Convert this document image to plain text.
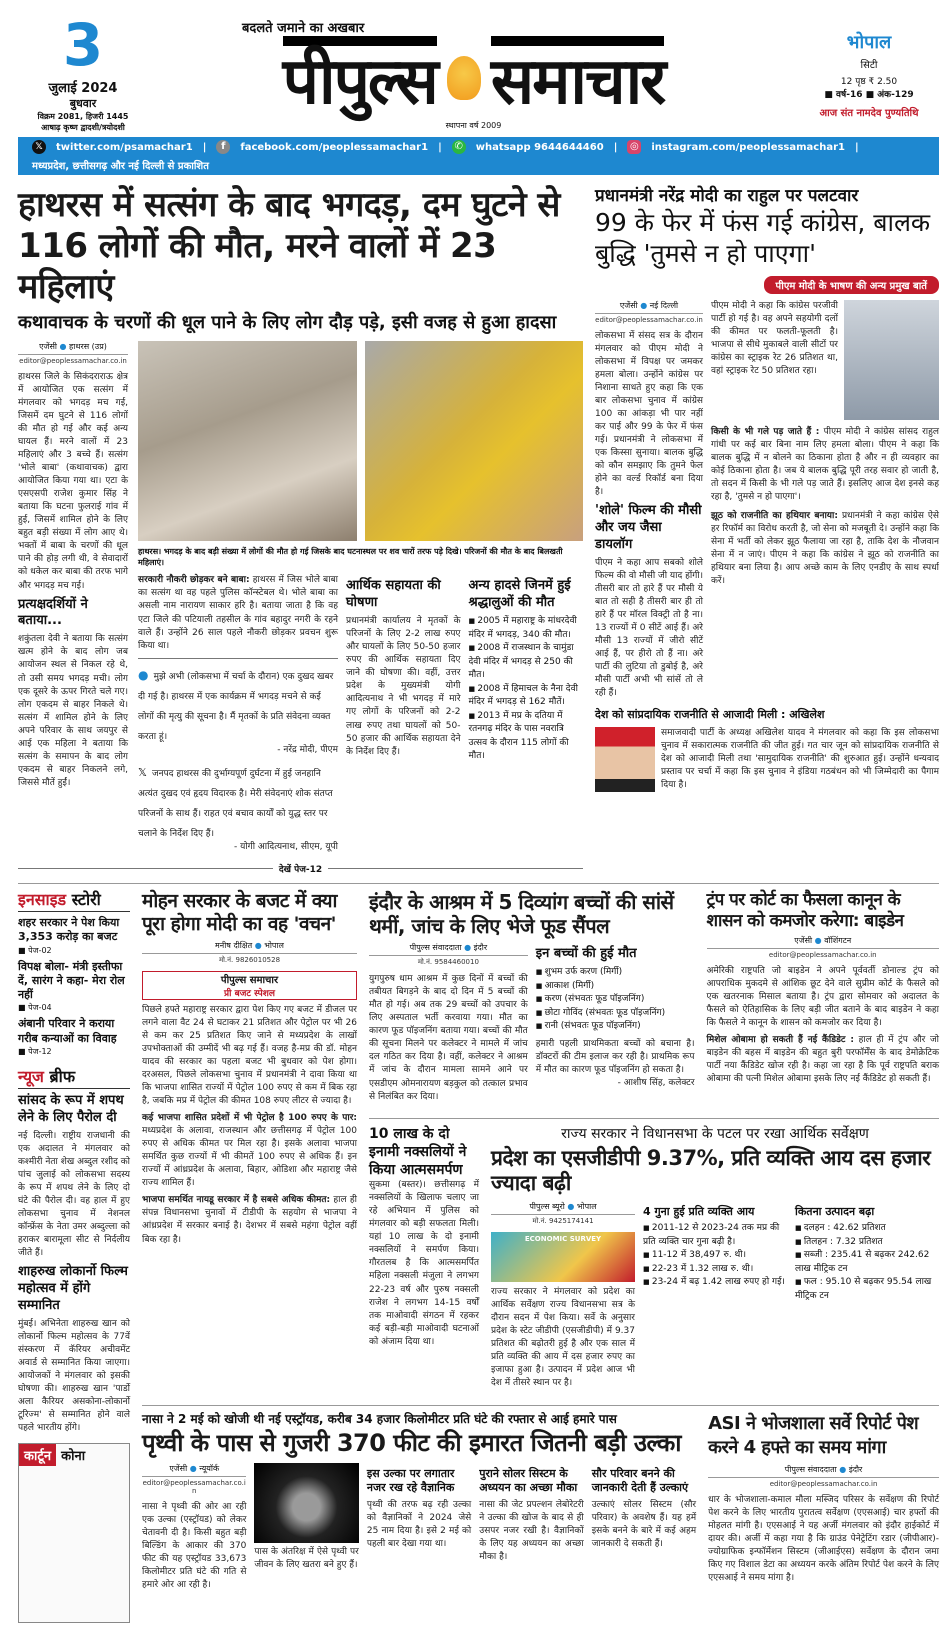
3
जुलाई 2024
बुधवार
विक्रम 2081, हिजरी 1445
आषाढ़ कृष्ण द्वादशी/त्रयोदशी
बदलते जमाने का अखबार
पीपुल्स समाचार
स्थापना वर्ष 2009
भोपाल
सिटी
12 पृष्ठ ₹ 2.50
■ वर्ष-16 ■ अंक-129
आज संत नामदेव पुण्यतिथि
𝕏	twitter.com/psamachar1 |	f	facebook.com/peoplessamachar1 | ✆ whatsapp 9644644460 | ◎ instagram.com/peoplessamachar1 |
मध्यप्रदेश, छत्तीसगढ़ और नई दिल्ली से प्रकाशित
हाथरस में सत्संग के बाद भगदड़, दम घुटने से 116 लोगों की मौत, मरने वालों में 23 महिलाएं
कथावाचक के चरणों की धूल पाने के लिए लोग दौड़ पड़े, इसी वजह से हुआ हादसा
एजेंसी ● हाथरस (उप्र)
editor@peoplessamachar.co.in
हाथरस जिले के सिकंदराराऊ क्षेत्र में आयोजित एक सत्संग में मंगलवार को भगदड़ मच गई, जिसमें दम घुटने से 116 लोगों की मौत हो गई और कई अन्य घायल हैं। मरने वालों में 23 महिलाएं और 3 बच्चे हैं। सत्संग 'भोले बाबा' (कथावाचक) द्वारा आयोजित किया गया था। एटा के एसएसपी राजेश कुमार सिंह ने बताया कि घटना फुलराई गांव में हुई, जिसमें शामिल होने के लिए बहुत बड़ी संख्या में लोग आए थे। भक्तों में बाबा के चरणों की धूल पाने की होड़ लगी थी, वे सेवादारों को धकेल कर बाबा की तरफ भागे और भगदड़ मच गई।
प्रत्यक्षदर्शियों ने बताया...
शकुंतला देवी ने बताया कि सत्संग खत्म होने के बाद लोग जब आयोजन स्थल से निकल रहे थे, तो उसी समय भगदड़ मची। लोग एक दूसरे के ऊपर गिरते चले गए। लोग एकदम से बाहर निकले थे। सत्संग में शामिल होने के लिए अपने परिवार के साथ जयपुर से आई एक महिला ने बताया कि सत्संग के समापन के बाद लोग एकदम से बाहर निकलने लगे, जिससे मौतें हुईं।
हाथरस। भगदड़ के बाद बड़ी संख्या में लोगों की मौत हो गई जिसके बाद घटनास्थल पर शव चारों तरफ पड़े दिखे। परिजनों की मौत के बाद बिलखती महिलाएं।
सरकारी नौकरी छोड़कर बने बाबा: हाथरस में जिस भोले बाबा का सत्संग था वह पहले पुलिस कॉन्स्टेबल थे। भोले बाबा का असली नाम नारायण साकार हरि है। बताया जाता है कि वह एटा जिले की पटियाली तहसील के गांव बहादुर नगरी के रहने वाले हैं। उन्होंने 26 साल पहले नौकरी छोड़कर प्रवचन शुरू किया था।
● मुझे अभी (लोकसभा में चर्चा के दौरान) एक दुखद खबर दी गई है। हाथरस में एक कार्यक्रम में भगदड़ मचने से कई लोगों की मृत्यु की सूचना है। मैं मृतकों के प्रति संवेदना व्यक्त करता हूं।
- नरेंद्र मोदी, पीएम
𝕏 जनपद हाथरस की दुर्भाग्यपूर्ण दुर्घटना में हुई जनहानि अत्यंत दुखद एवं हृदय विदारक है। मेरी संवेदनाएं शोक संतप्त परिजनों के साथ हैं। राहत एवं बचाव कार्यों को युद्ध स्तर पर चलाने के निर्देश दिए हैं।
- योगी आदित्यनाथ, सीएम, यूपी
आर्थिक सहायता की घोषणा
प्रधानमंत्री कार्यालय ने मृतकों के परिजनों के लिए 2-2 लाख रुपए और घायलों के लिए 50-50 हजार रुपए की आर्थिक सहायता दिए जाने की घोषणा की। वहीं, उत्तर प्रदेश के मुख्यमंत्री योगी आदित्यनाथ ने भी भगदड़ में मारे गए लोगों के परिजनों को 2-2 लाख रुपए तथा घायलों को 50-50 हजार की आर्थिक सहायता देने के निर्देश दिए हैं।
अन्य हादसे जिनमें हुई श्रद्धालुओं की मौत
■ 2005 में महाराष्ट्र के मांधरदेवी मंदिर में भगदड़, 340 की मौत।
■ 2008 में राजस्थान के चामुंडा देवी मंदिर में भगदड़ से 250 की मौत।
■ 2008 में हिमाचल के नैना देवी मंदिर में भगदड़ से 162 मौतें।
■ 2013 में मप्र के दतिया में रतनगढ़ मंदिर के पास नवरात्रि उत्सव के दौरान 115 लोगों की मौत।
देखें पेज-12
प्रधानमंत्री नरेंद्र मोदी का राहुल पर पलटवार
99 के फेर में फंस गई कांग्रेस, बालक बुद्धि 'तुमसे न हो पाएगा'
पीएम मोदी के भाषण की अन्य प्रमुख बातें
एजेंसी ● नई दिल्ली
editor@peoplessamachar.co.in
लोकसभा में संसद सत्र के दौरान मंगलवार को पीएम मोदी ने लोकसभा में विपक्ष पर जमकर हमला बोला। उन्होंने कांग्रेस पर निशाना साधते हुए कहा कि एक बार लोकसभा चुनाव में कांग्रेस 100 का आंकड़ा भी पार नहीं कर पाई और 99 के फेर में फंस गई। प्रधानमंत्री ने लोकसभा में एक किस्सा सुनाया। बालक बुद्धि को कौन समझाए कि तुमने फेल होने का वर्ल्ड रिकॉर्ड बना दिया है।
'शोले' फिल्म की मौसी और जय जैसा डायलॉग
पीएम ने कहा आप सबको शोले फिल्म की वो मौसी जी याद होंगी। तीसरी बार तो हारे हैं पर मौसी ये बात तो सही है तीसरी बार ही तो हारे हैं पर मॉरल विक्ट्री तो है ना। 13 राज्यों में 0 सीटें आई हैं। अरे मौसी 13 राज्यों में जीरो सीटें आई हैं, पर हीरो तो हैं ना। अरे पार्टी की लुटिया तो डुबोई है, अरे मौसी पार्टी अभी भी सांसें तो ले रही हैं।
पीएम मोदी ने कहा कि कांग्रेस परजीवी पार्टी हो गई है। वह अपने सहयोगी दलों की कीमत पर फलती-फूलती है। भाजपा से सीधे मुकाबले वाली सीटों पर कांग्रेस का स्ट्राइक रेट 26 प्रतिशत था, वहां स्ट्राइक रेट 50 प्रतिशत रहा।
किसी के भी गले पड़ जाते हैं : पीएम मोदी ने कांग्रेस सांसद राहुल गांधी पर कई बार बिना नाम लिए हमला बोला। पीएम ने कहा कि बालक बुद्धि में न बोलने का ठिकाना होता है और न ही व्यवहार का कोई ठिकाना होता है। जब ये बालक बुद्धि पूरी तरह सवार हो जाती है, तो सदन में किसी के भी गले पड़ जाते हैं। इसलिए आज देश इनसे कह रहा है, 'तुमसे न हो पाएगा'।
झूठ को राजनीति का हथियार बनाया: प्रधानमंत्री ने कहा कांग्रेस ऐसे हर रिफॉर्म का विरोध करती है, जो सेना को मजबूती दे। उन्होंने कहा कि सेना में भर्ती को लेकर झूठ फैलाया जा रहा है, ताकि देश के नौजवान सेना में न जाएं। पीएम ने कहा कि कांग्रेस ने झूठ को राजनीति का हथियार बना लिया है। आप अच्छे काम के लिए एनडीए के साथ स्पर्धा करें।
देश को सांप्रदायिक राजनीति से आजादी मिली : अखिलेश
समाजवादी पार्टी के अध्यक्ष अखिलेश यादव ने मंगलवार को कहा कि इस लोकसभा चुनाव में सकारात्मक राजनीति की जीत हुई। गत चार जून को सांप्रदायिक राजनीति से देश को आजादी मिली तथा 'सामुदायिक राजनीति' की शुरुआत हुई। उन्होंने धन्यवाद प्रस्ताव पर चर्चा में कहा कि इस चुनाव ने इंडिया गठबंधन को भी जिम्मेदारी का पैगाम दिया है।
इनसाइड स्टोरी
शहर सरकार ने पेश किया 3,353 करोड़ का बजट
■ पेज-02
विपक्ष बोला- मंत्री इस्तीफा दें, सारंग ने कहा- मेरा रोल नहीं
■ पेज-04
अंबानी परिवार ने कराया गरीब कन्याओं का विवाह
■ पेज-12
न्यूज ब्रीफ
सांसद के रूप में शपथ लेने के लिए पैरोल दी
नई दिल्ली। राष्ट्रीय राजधानी की एक अदालत ने मंगलवार को कश्मीरी नेता शेख अब्दुल रशीद को पांच जुलाई को लोकसभा सदस्य के रूप में शपथ लेने के लिए दो घंटे की पैरोल दी। वह हाल में हुए लोकसभा चुनाव में नेशनल कॉन्फ्रेंस के नेता उमर अब्दुल्ला को हराकर बारामूला सीट से निर्दलीय जीते हैं।
शाहरुख लोकार्नो फिल्म महोत्सव में होंगे सम्मानित
मुंबई। अभिनेता शाहरुख खान को लोकार्नो फिल्म महोत्सव के 77वें संस्करण में कॅरियर अचीवमेंट अवार्ड से सम्मानित किया जाएगा। आयोजकों ने मंगलवार को इसकी घोषणा की। शाहरुख खान 'पार्डो अला कैरियर असकोना-लोकार्नो टूरिज्म' से सम्मानित होने वाले पहले भारतीय होंगे।
कार्टून कोना
मोहन सरकार के बजट में क्या पूरा होगा मोदी का वह 'वचन'
मनीष दीक्षित ● भोपाल
मो.नं. 9826010528
पीपुल्स समाचार
प्री बजट स्पेशल
पिछले हफ्ते महाराष्ट्र सरकार द्वारा पेश किए गए बजट में डीजल पर लगने वाला वैट 24 से घटाकर 21 प्रतिशत और पेट्रोल पर भी 26 से कम कर 25 प्रतिशत किए जाने से मध्यप्रदेश के लाखों उपभोक्ताओं की उम्मीदें भी बढ़ गई हैं। वजह है-मप्र की डॉ. मोहन यादव की सरकार का पहला बजट भी बुधवार को पेश होगा। दरअसल, पिछले लोकसभा चुनाव में प्रधानमंत्री ने दावा किया था कि भाजपा शासित राज्यों में पेट्रोल 100 रुपए से कम में बिक रहा है, जबकि मप्र में पेट्रोल की कीमत 108 रुपए लीटर से ज्यादा है।
कई भाजपा शासित प्रदेशों में भी पेट्रोल है 100 रुपए के पार: मध्यप्रदेश के अलावा, राजस्थान और छत्तीसगढ़ में पेट्रोल 100 रुपए से अधिक कीमत पर मिल रहा है। इसके अलावा भाजपा समर्थित कुछ राज्यों में भी कीमतें 100 रुपए से अधिक हैं। इन राज्यों में आंध्रप्रदेश के अलावा, बिहार, ओडिशा और महाराष्ट्र जैसे राज्य शामिल हैं।
भाजपा समर्थित नायडू सरकार में है सबसे अधिक कीमत: हाल ही संपन्न विधानसभा चुनावों में टीडीपी के सहयोग से भाजपा ने आंध्रप्रदेश में सरकार बनाई है। देशभर में सबसे महंगा पेट्रोल वहीं बिक रहा है।
इंदौर के आश्रम में 5 दिव्यांग बच्चों की सांसें थमीं, जांच के लिए भेजे फूड सैंपल
पीपुल्स संवाददाता ● इंदौर
मो.नं. 9584460010
युगपुरुष धाम आश्रम में कुछ दिनों में बच्चों की तबीयत बिगड़ने के बाद दो दिन में 5 बच्चों की मौत हो गई। अब तक 29 बच्चों को उपचार के लिए अस्पताल भर्ती करवाया गया। मौत का कारण फूड पॉइजनिंग बताया गया। बच्चों की मौत की सूचना मिलने पर कलेक्टर ने मामले में जांच दल गठित कर दिया है। वहीं, कलेक्टर ने आश्रम में जांच के दौरान मामला सामने आने पर एसडीएम ओमनारायण बड़कुल को तत्काल प्रभाव से निलंबित कर दिया।
इन बच्चों की हुई मौत
■ शुभम उर्फ करण (मिर्गी)
■ आकाश (मिर्गी)
■ करण (संभवतः फूड पॉइजनिंग)
■ छोटा गोविंद (संभवतः फूड पॉइजनिंग)
■ रानी (संभवतः फूड पॉइजनिंग)
हमारी पहली प्राथमिकता बच्चों को बचाना है। डॉक्टरों की टीम इलाज कर रही है। प्राथमिक रूप में मौत का कारण फूड पॉइजनिंग हो सकता है।
- आशीष सिंह, कलेक्टर
ट्रंप पर कोर्ट का फैसला कानून के शासन को कमजोर करेगा: बाइडेन
एजेंसी ● वॉशिंगटन
editor@peoplessamachar.co.in
अमेरिकी राष्ट्रपति जो बाइडेन ने अपने पूर्ववर्ती डोनाल्ड ट्रंप को आपराधिक मुकदमे से आंशिक छूट देने वाले सुप्रीम कोर्ट के फैसले को एक खतरनाक मिसाल बताया है। ट्रंप द्वारा सोमवार को अदालत के फैसले को ऐतिहासिक के लिए बड़ी जीत बताने के बाद बाइडेन ने कहा कि फैसले ने कानून के शासन को कमजोर कर दिया है।
मिशेल ओबामा हो सकती हैं नई कैंडिडेट : हाल ही में ट्रंप और जो बाइडेन की बहस में बाइडेन की बहुत बुरी परफॉर्मेंस के बाद डेमोक्रेटिक पार्टी नया कैंडिडेट खोज रही है। कहा जा रहा है कि पूर्व राष्ट्रपति बराक ओबामा की पत्नी मिशेल ओबामा इसके लिए नई कैंडिडेट हो सकती हैं।
10 लाख के दो इनामी नक्सलियों ने किया आत्मसमर्पण
सुकमा (बस्तर)। छत्तीसगढ़ में नक्सलियों के खिलाफ चलाए जा रहे अभियान में पुलिस को मंगलवार को बड़ी सफलता मिली। यहां 10 लाख के दो इनामी नक्सलियों ने समर्पण किया। गौरतलब है कि आत्मसमर्पित महिला नक्सली मंजुला ने लगभग 22-23 वर्ष और पुरुष नक्सली राजेश ने लगभग 14-15 वर्षों तक माओवादी संगठन में रहकर कई बड़ी-बड़ी माओवादी घटनाओं को अंजाम दिया था।
राज्य सरकार ने विधानसभा के पटल पर रखा आर्थिक सर्वेक्षण
प्रदेश का एसजीडीपी 9.37%, प्रति व्यक्ति आय दस हजार ज्यादा बढ़ी
पीपुल्स ब्यूरो ● भोपाल
मो.नं. 9425174141
ECONOMIC SURVEY
राज्य सरकार ने मंगलवार को प्रदेश का आर्थिक सर्वेक्षण राज्य विधानसभा सत्र के दौरान सदन में पेश किया। सर्वे के अनुसार प्रदेश के स्टेट जीडीपी (एसजीडीपी) में 9.37 प्रतिशत की बढ़ोतरी हुई है और एक साल में प्रति व्यक्ति की आय में दस हजार रुपए का इजाफा हुआ है। उत्पादन में प्रदेश आज भी देश में तीसरे स्थान पर है।
4 गुना हुई प्रति व्यक्ति आय
■ 2011-12 से 2023-24 तक मप्र की प्रति व्यक्ति चार गुना बढ़ी है।
■ 11-12 में 38,497 रु. थी।
■ 22-23 में 1.32 लाख रु. थी।
■ 23-24 में बढ़ 1.42 लाख रुपए हो गई।
कितना उत्पादन बढ़ा
■ दलहन : 42.62 प्रतिशत
■ तिलहन : 7.32 प्रतिशत
■ सब्जी : 235.41 से बढ़कर 242.62 लाख मीट्रिक टन
■ फल : 95.10 से बढ़कर 95.54 लाख मीट्रिक टन
नासा ने 2 मई को खोजी थी नई एस्ट्रॉयड, करीब 34 हजार किलोमीटर प्रति घंटे की रफ्तार से आई हमारे पास
पृथ्वी के पास से गुजरी 370 फीट की इमारत जितनी बड़ी उल्का
एजेंसी ● न्यूयॉर्क
editor@peoplessamachar.co.in
नासा ने पृथ्वी की ओर आ रही एक उल्का (एस्ट्रॉयड) को लेकर चेतावनी दी है। किसी बहुत बड़ी बिल्डिंग के आकार की 370 फीट की यह एस्ट्रॉयड 33,673 किलोमीटर प्रति घंटे की गति से हमारे ओर आ रही है।
पास के अंतरिक्ष में ऐसे पृथ्वी पर जीवन के लिए खतरा बने हुए हैं।
इस उल्का पर लगातार नजर रख रहे वैज्ञानिक
पृथ्वी की तरफ बढ़ रही उल्का को वैज्ञानिकों ने 2024 जेसे 25 नाम दिया है। इसे 2 मई को पहली बार देखा गया था।
पुराने सोलर सिस्टम के अध्ययन का अच्छा मौका
नासा की जेट प्रपल्शन लेबोरेटरी ने उल्का की खोज के बाद से ही उसपर नजर रखी है। वैज्ञानिकों के लिए यह अध्ययन का अच्छा मौका है।
सौर परिवार बनने की जानकारी देती हैं उल्काएं
उल्काएं सोलर सिस्टम (सौर परिवार) के अवशेष हैं। यह हमें इसके बनने के बारे में कई अहम जानकारी दे सकती हैं।
ASI ने भोजशाला सर्वे रिपोर्ट पेश करने 4 हफ्ते का समय मांगा
पीपुल्स संवाददाता ● इंदौर
editor@peoplessamachar.co.in
धार के भोजशाला-कमाल मौला मस्जिद परिसर के सर्वेक्षण की रिपोर्ट पेश करने के लिए भारतीय पुरातत्व सर्वेक्षण (एएसआई) चार हफ्तों की मोहलत मांगी है। एएसआई ने यह अर्जी मंगलवार को इंदौर हाईकोर्ट में दायर की। अर्जी में कहा गया है कि ग्राउंड पेनेट्रेटिंग रडार (जीपीआर)-ज्योग्राफिक इन्फॉर्मेशन सिस्टम (जीआईएस) सर्वेक्षण के दौरान जमा किए गए विशाल डेटा का अध्ययन करके अंतिम रिपोर्ट पेश करने के लिए एएसआई ने समय मांगा है।
